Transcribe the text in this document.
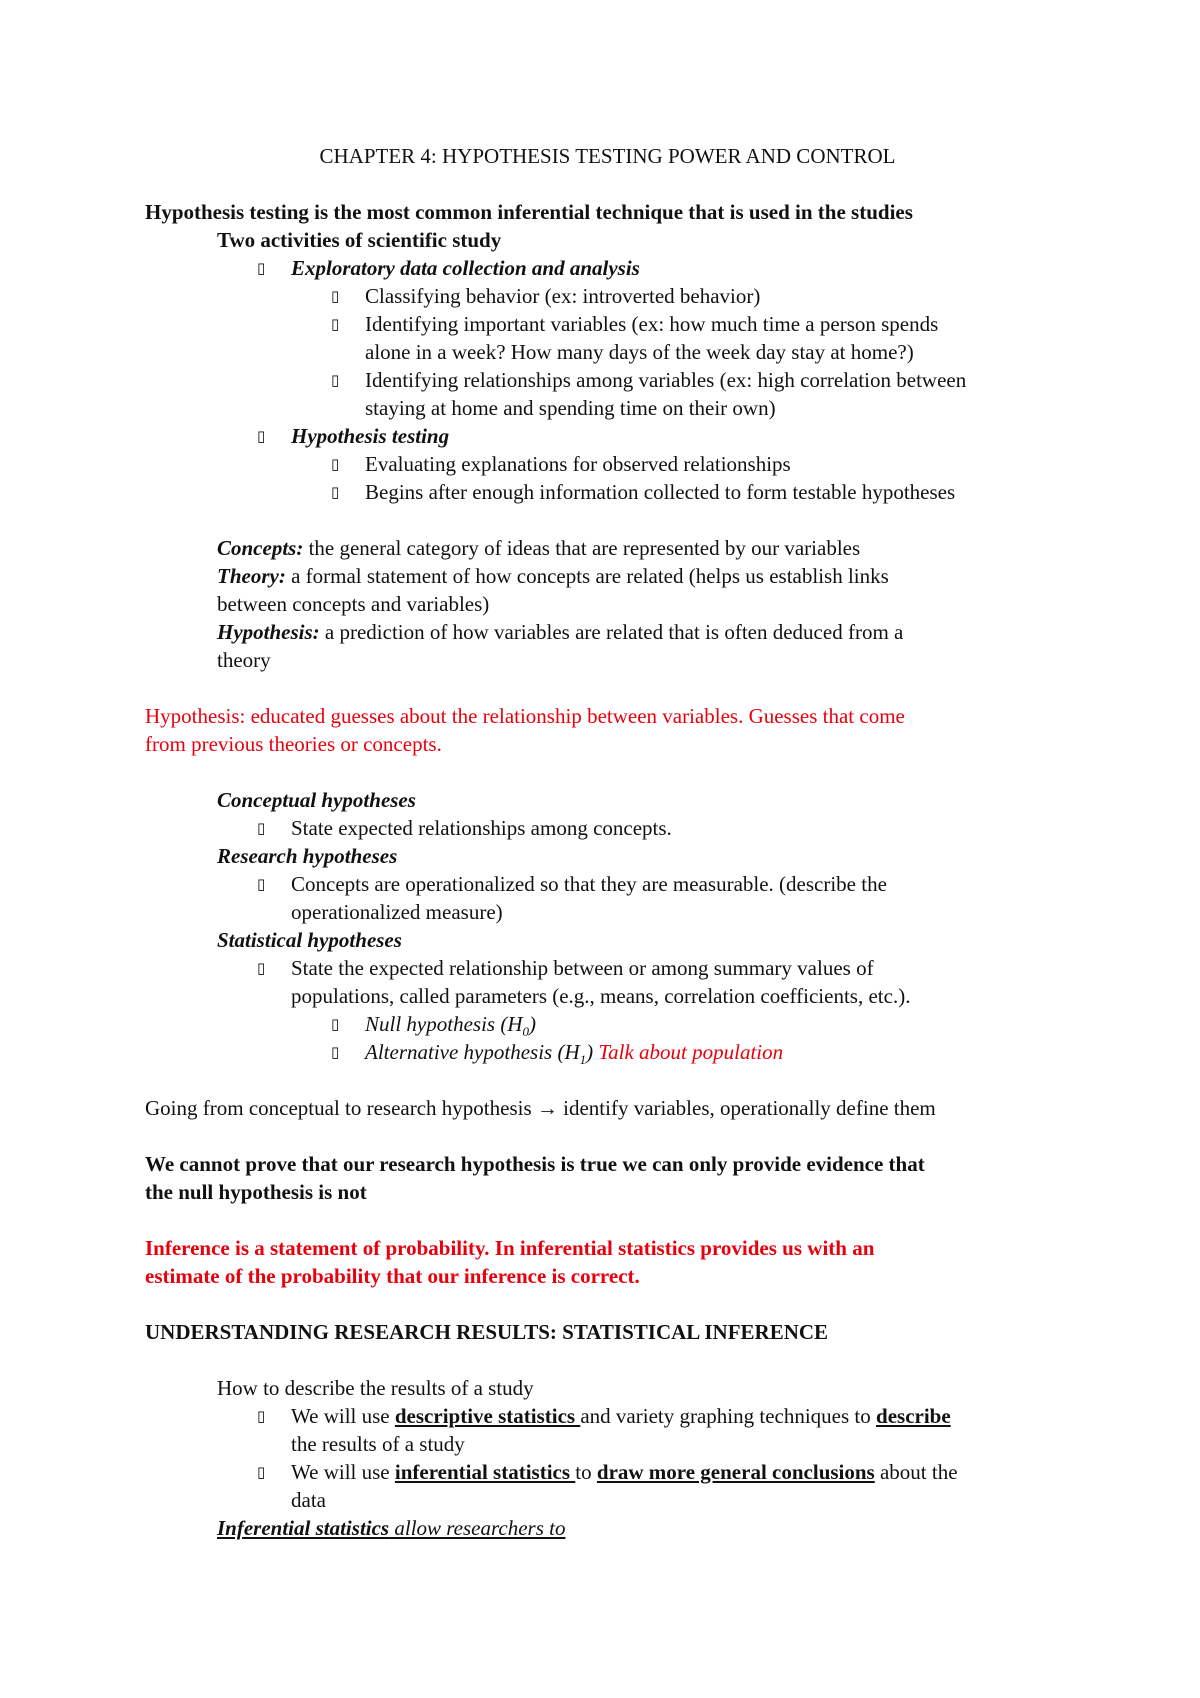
CHAPTER 4: HYPOTHESIS TESTING POWER AND CONTROL
Hypothesis testing is the most common inferential technique that is used in the studies
Two activities of scientific study
▯ Exploratory data collection and analysis
▯ Classifying behavior (ex: introverted behavior)
▯ Identifying important variables (ex: how much time a person spends
alone in a week? How many days of the week day stay at home?)
▯ Identifying relationships among variables (ex: high correlation between
staying at home and spending time on their own)
▯ Hypothesis testing
▯ Evaluating explanations for observed relationships
▯ Begins after enough information collected to form testable hypotheses
Concepts: the general category of ideas that are represented by our variables
Theory: a formal statement of how concepts are related (helps us establish links
between concepts and variables)
Hypothesis: a prediction of how variables are related that is often deduced from a
theory
Hypothesis: educated guesses about the relationship between variables. Guesses that come
from previous theories or concepts.
Conceptual hypotheses
▯ State expected relationships among concepts.
Research hypotheses
▯ Concepts are operationalized so that they are measurable. (describe the
operationalized measure)
Statistical hypotheses
▯ State the expected relationship between or among summary values of
populations, called parameters (e.g., means, correlation coefficients, etc.).
▯ Null hypothesis $(H_0)$
▯ Alternative hypothesis $(H_1)$ Talk about population
Going from conceptual to research hypothesis → identify variables, operationally define them
We cannot prove that our research hypothesis is true we can only provide evidence that
the null hypothesis is not
Inference is a statement of probability. In inferential statistics provides us with an
estimate of the probability that our inference is correct.
UNDERSTANDING RESEARCH RESULTS: STATISTICAL INFERENCE
How to describe the results of a study
▯ We will use descriptive statistics and variety graphing techniques to describe
the results of a study
▯ We will use inferential statistics to draw more general conclusions about the
data
Inferential statistics allow researchers to
